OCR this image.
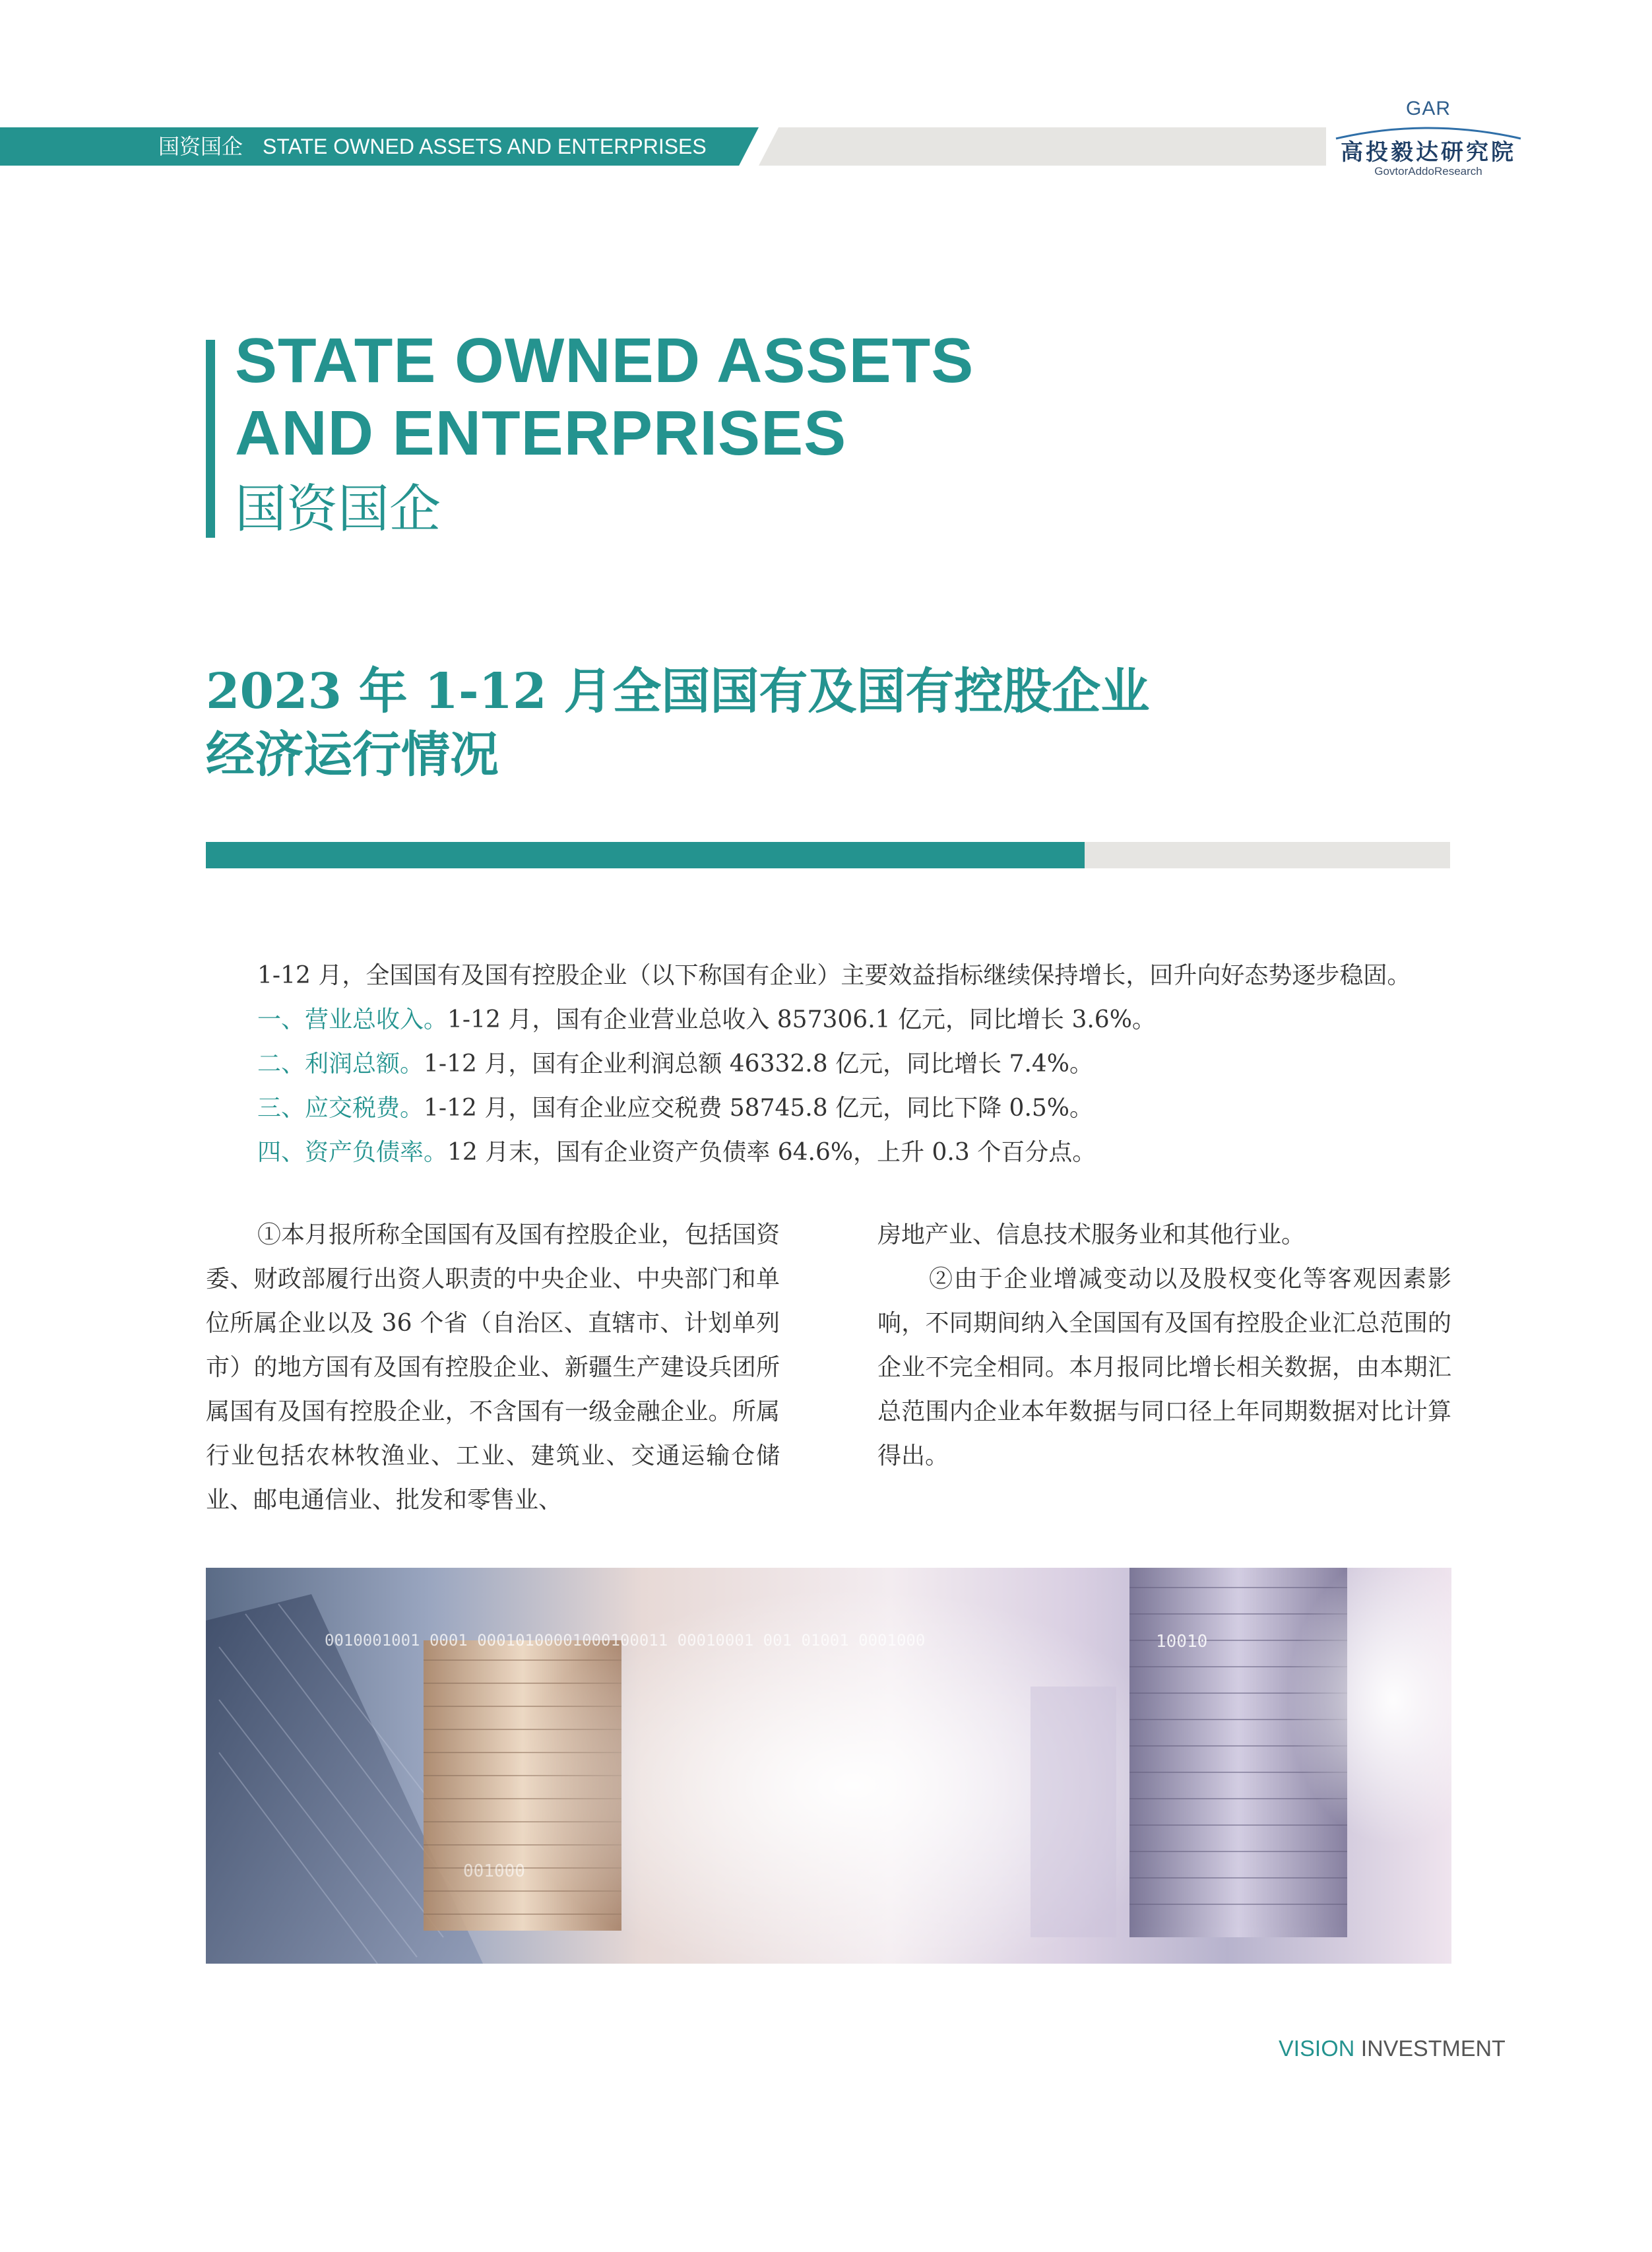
国资国企 STATE OWNED ASSETS AND ENTERPRISES
GAR
高投毅达研究院
GovtorAddoResearch
STATE OWNED ASSETS
AND ENTERPRISES
国资国企
2023 年 1-12 月全国国有及国有控股企业
经济运行情况

1-12 月，全国国有及国有控股企业（以下称国有企业）主要效益指标继续保持增长，回升向好态势逐步稳固。

一、营业总收入。1-12 月，国有企业营业总收入 857306.1 亿元，同比增长 3.6%。

二、利润总额。1-12 月，国有企业利润总额 46332.8 亿元，同比增长 7.4%。

三、应交税费。1-12 月，国有企业应交税费 58745.8 亿元，同比下降 0.5%。

四、资产负债率。12 月末，国有企业资产负债率 64.6%，上升 0.3 个百分点。

①本月报所称全国国有及国有控股企业，包括国资委、财政部履行出资人职责的中央企业、中央部门和单位所属企业以及 36 个省（自治区、直辖市、计划单列市）的地方国有及国有控股企业、新疆生产建设兵团所属国有及国有控股企业，不含国有一级金融企业。所属行业包括农林牧渔业、工业、建筑业、交通运输仓储业、邮电通信业、批发和零售业、

房地产业、信息技术服务业和其他行业。

②由于企业增减变动以及股权变化等客观因素影响，不同期间纳入全国国有及国有控股企业汇总范围的企业不完全相同。本月报同比增长相关数据，由本期汇总范围内企业本年数据与同口径上年同期数据对比计算得出。

0010001001 0001 00010100001000100011 00010001 001 01001 0001000	10010
001000
VISION INVESTMENT
